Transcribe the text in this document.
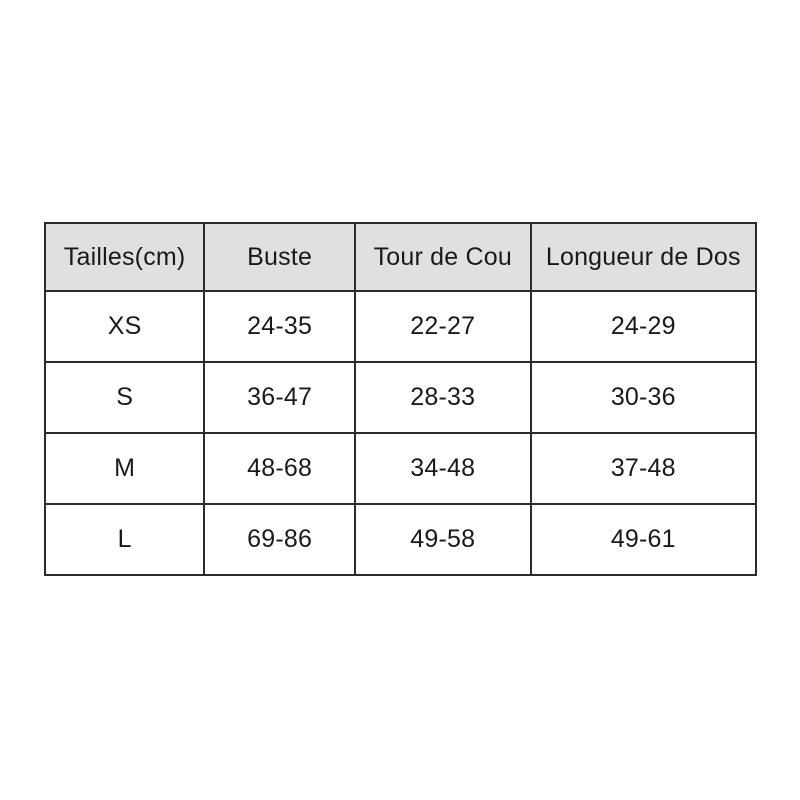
Tailles(cm)	Buste	Tour de Cou	Longueur de Dos
XS	24-35	22-27	24-29
S	36-47	28-33	30-36
M	48-68	34-48	37-48
L	69-86	49-58	49-61
